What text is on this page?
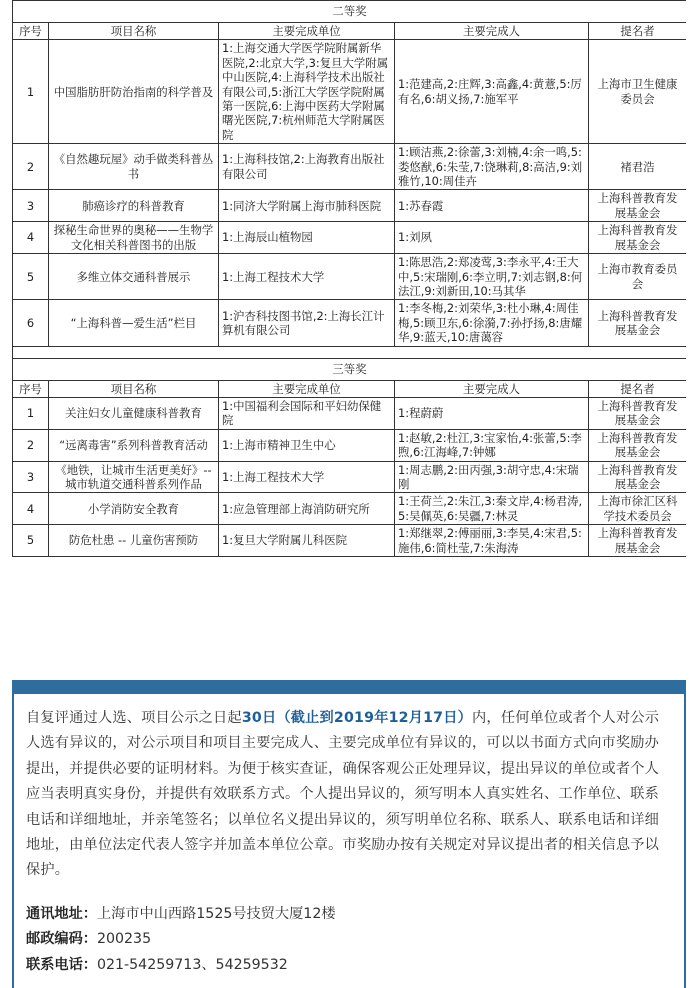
二等奖				
序号	项目名称	主要完成单位	主要完成人	提名者
1	中国脂肪肝防治指南的科学普及	1:上海交通大学医学院附属新华医院,2:北京大学,3:复旦大学附属中山医院,4:上海科学技术出版社有限公司,5:浙江大学医学院附属第一医院,6:上海中医药大学附属曙光医院,7:杭州师范大学附属医院	1:范建高,2:庄辉,3:高鑫,4:黄薏,5:厉有名,6:胡义扬,7:施军平	上海市卫生健康委员会
2	《自然趣玩屋》动手做类科普丛书	1:上海科技馆,2:上海教育出版社有限公司	1:顾洁燕,2:徐蕾,3:刘楠,4:余一鸣,5:娄悠猷,6:朱莹,7:饶琳莉,8:高洁,9:刘雅竹,10:周佳卉	褚君浩
3	肺癌诊疗的科普教育	1:同济大学附属上海市肺科医院	1:苏春霞	上海科普教育发展基金会
4	探秘生命世界的奥秘——生物学文化相关科普图书的出版	1:上海辰山植物园	1:刘夙	上海科普教育发展基金会
5	多维立体交通科普展示	1:上海工程技术大学	1:陈思浩,2:郑凌莺,3:李永平,4:王大中,5:宋瑞刚,6:李立明,7:刘志钢,8:何法江,9:刘新田,10:马其华	上海市教育委员会
6	“上海科普—爱生活”栏目	1:沪杏科技图书馆,2:上海长江计算机有限公司	1:李冬梅,2:刘荣华,3:杜小琳,4:周佳梅,5:顾卫东,6:徐漪,7:孙抒扬,8:唐耀华,9:蓝天,10:唐蔼容	上海科普教育发展基金会

三等奖				
序号	项目名称	主要完成单位	主要完成人	提名者
1	关注妇女儿童健康科普教育	1:中国福利会国际和平妇幼保健院	1:程蔚蔚	上海科普教育发展基金会
2	“远离毒害”系列科普教育活动	1:上海市精神卫生中心	1:赵敏,2:杜江,3:宝家怡,4:张蕾,5:李煦,6:江海峰,7:钟娜	上海科普教育发展基金会
3	《地铁，让城市生活更美好》--城市轨道交通科普系列作品	1:上海工程技术大学	1:周志鹏,2:田丙强,3:胡守忠,4:宋瑞刚	上海科普教育发展基金会
4	小学消防安全教育	1:应急管理部上海消防研究所	1:王荷兰,2:朱江,3:秦文岸,4:杨君涛,5:吴佩英,6:吴疆,7:林灵	上海市徐汇区科学技术委员会
5	防危杜患 -- 儿童伤害预防	1:复旦大学附属儿科医院	1:郑继翠,2:傅丽丽,3:李昊,4:宋君,5:施伟,6:简杜莹,7:朱海涛	上海科普教育发展基金会

自复评通过人选、项目公示之日起30日（截止到2019年12月17日）内，任何单位或者个人对公示人选有异议的，对公示项目和项目主要完成人、主要完成单位有异议的，可以以书面方式向市奖励办提出，并提供必要的证明材料。为便于核实查证，确保客观公正处理异议，提出异议的单位或者个人应当表明真实身份，并提供有效联系方式。个人提出异议的，须写明本人真实姓名、工作单位、联系电话和详细地址，并亲笔签名；以单位名义提出异议的，须写明单位名称、联系人、联系电话和详细地址，由单位法定代表人签字并加盖本单位公章。市奖励办按有关规定对异议提出者的相关信息予以保护。

通讯地址：上海市中山西路1525号技贸大厦12楼
邮政编码：200235
联系电话：021-54259713、54259532
